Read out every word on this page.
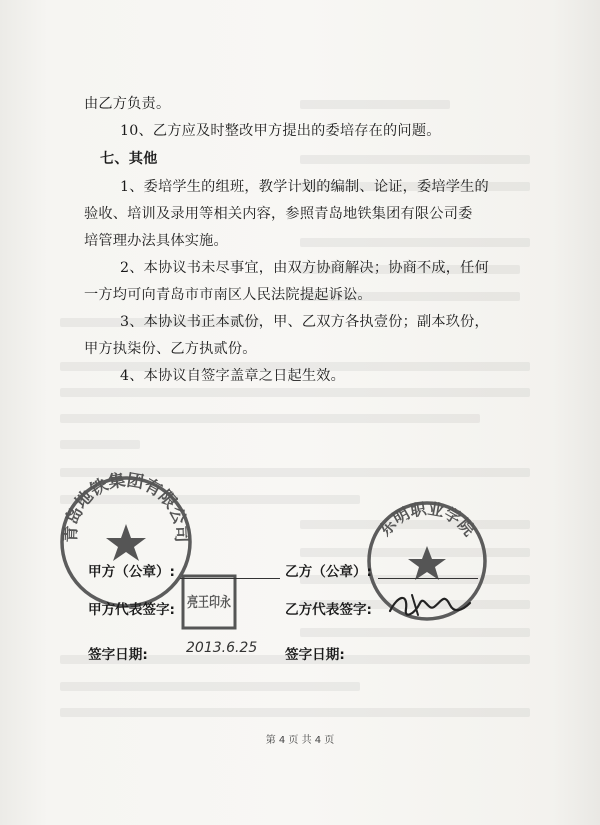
由乙方负责。
10、乙方应及时整改甲方提出的委培存在的问题。
七、其他
1、委培学生的组班，教学计划的编制、论证，委培学生的
验收、培训及录用等相关内容，参照青岛地铁集团有限公司委
培管理办法具体实施。
2、本协议书未尽事宜，由双方协商解决；协商不成，任何
一方均可向青岛市市南区人民法院提起诉讼。
3、本协议书正本贰份，甲、乙双方各执壹份；副本玖份，
甲方执柒份、乙方执贰份。
4、本协议自签字盖章之日起生效。
青岛地铁集团有限公司	东明职业学院
亮王印永
甲方（公章）:	乙方（公章）:
甲方代表签字:	乙方代表签字:
签字日期:	签字日期:
2013.6.25
第 4 页 共 4 页
